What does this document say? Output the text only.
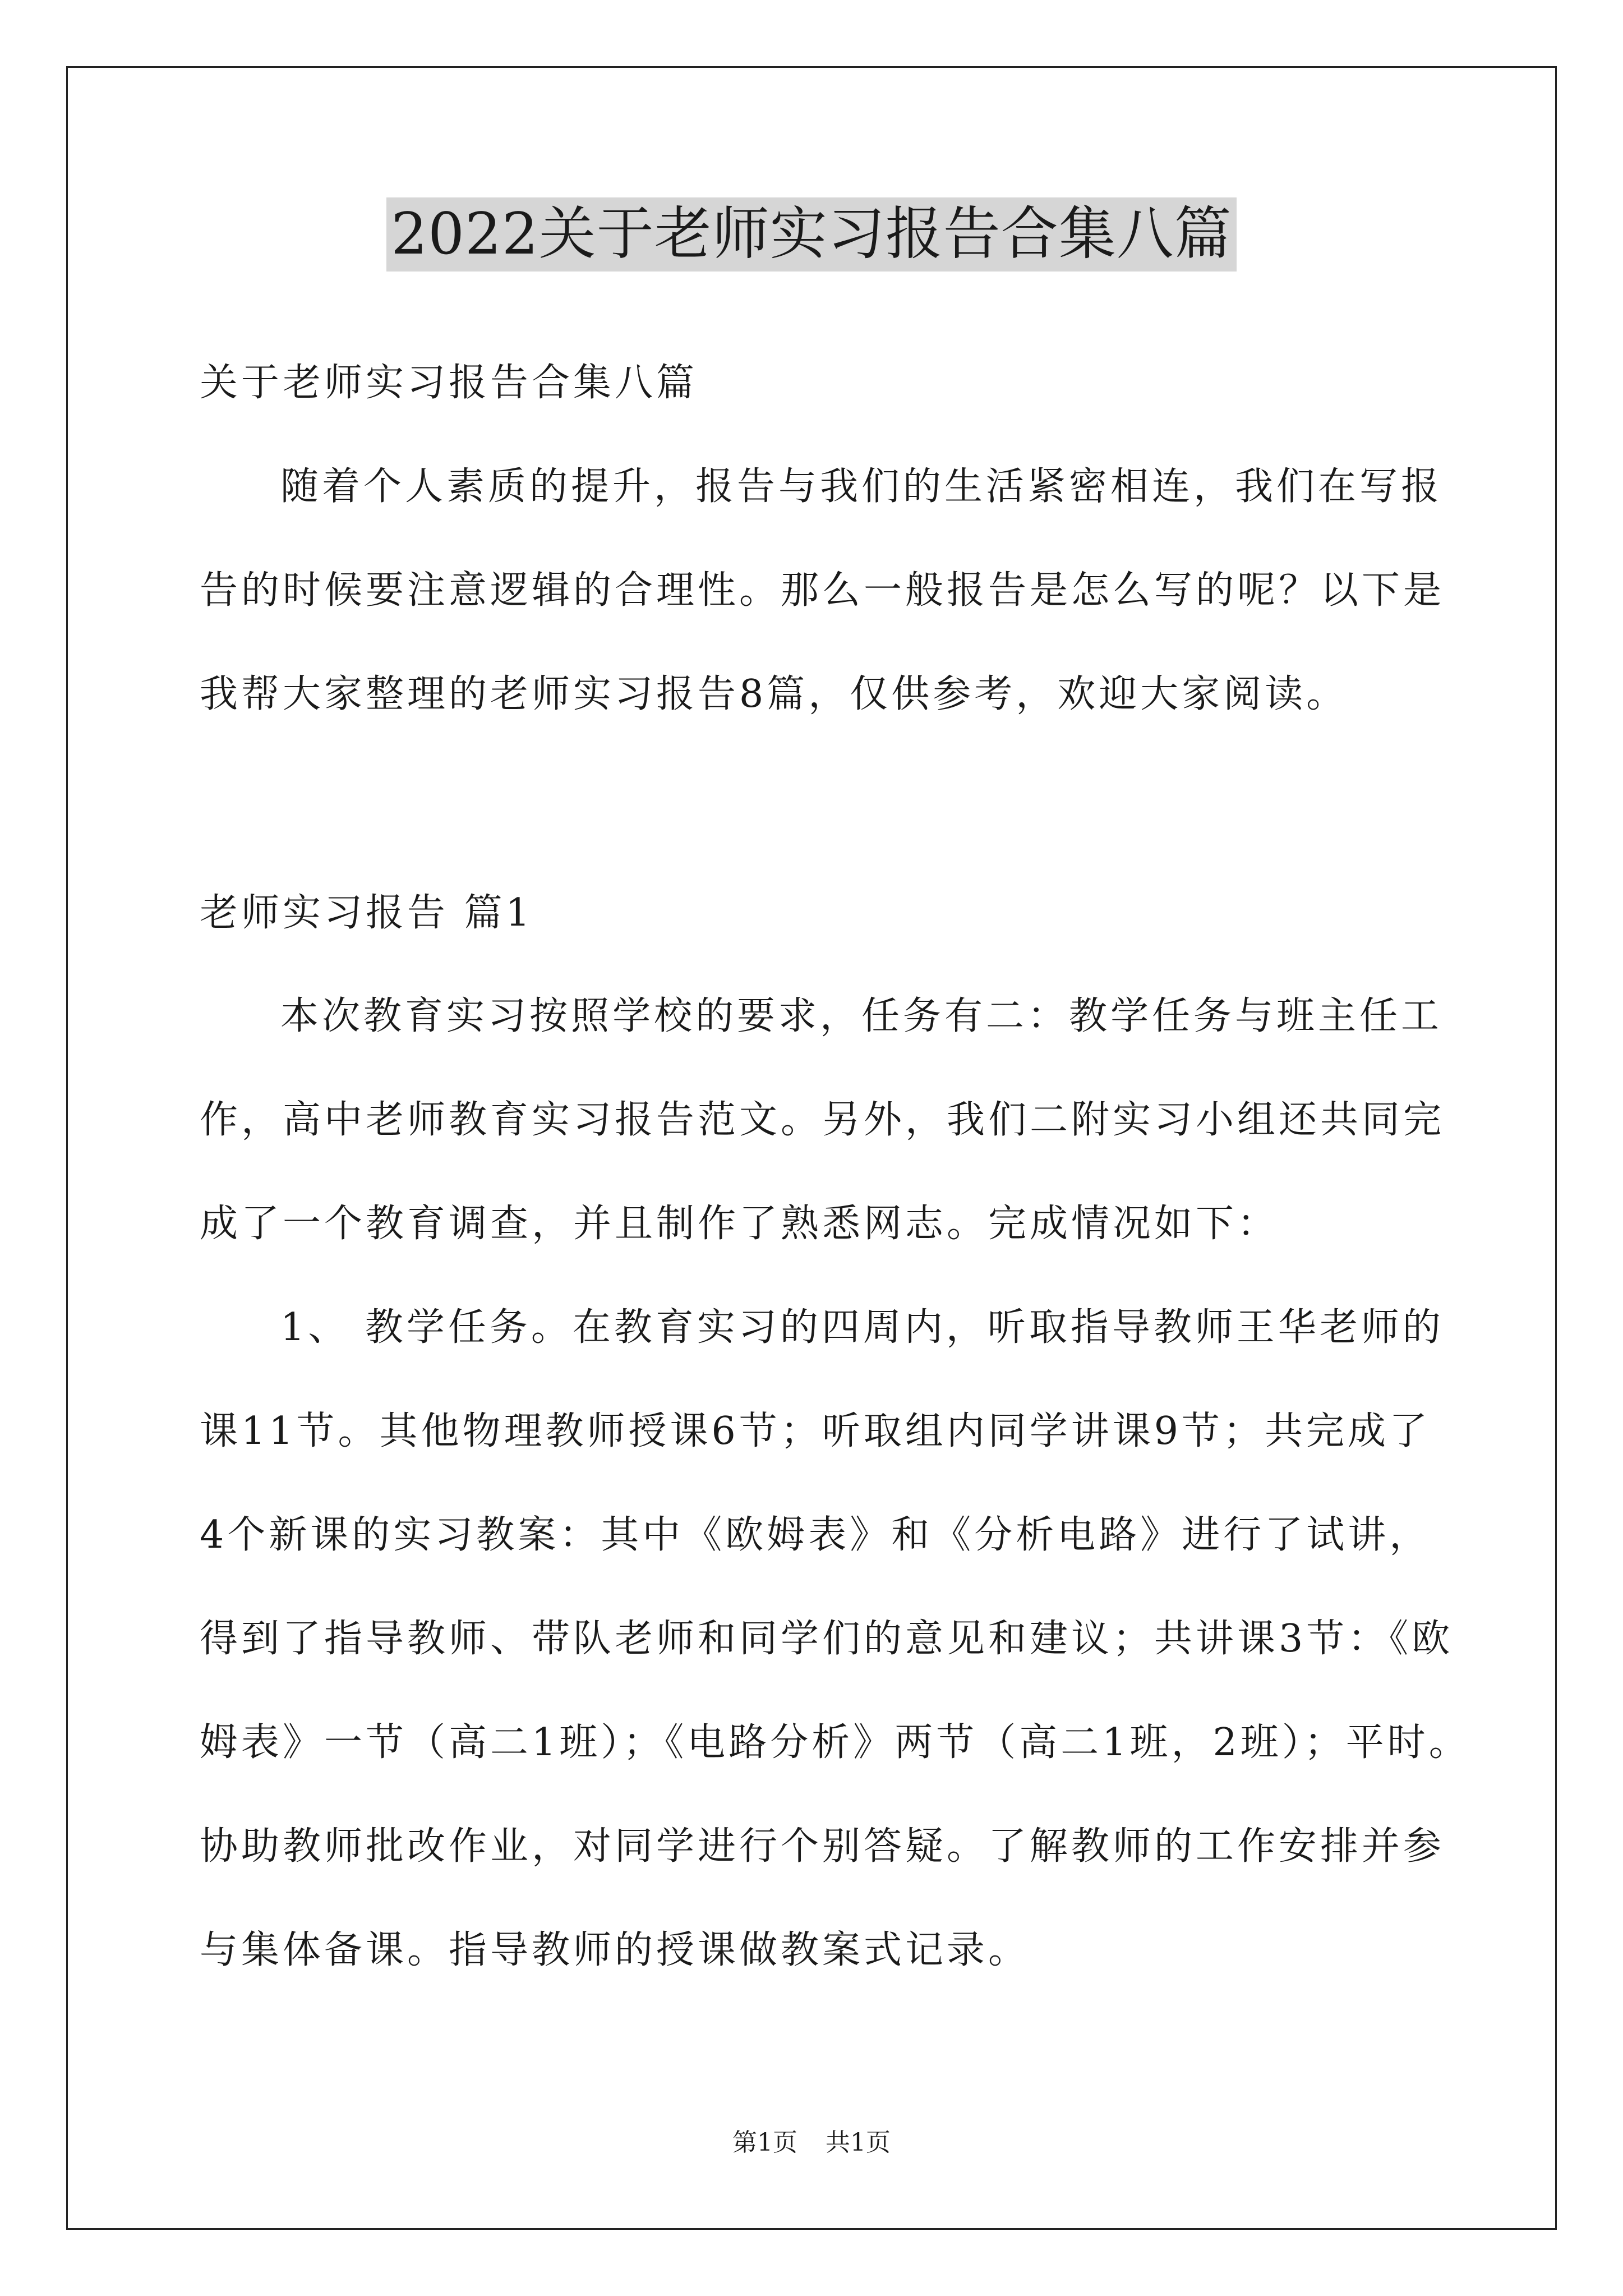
2022关于老师实习报告合集八篇
关于老师实习报告合集八篇
随着个人素质的提升，报告与我们的生活紧密相连，我们在写报
告的时候要注意逻辑的合理性。那么一般报告是怎么写的呢？以下是
我帮大家整理的老师实习报告8篇，仅供参考，欢迎大家阅读。
老师实习报告 篇1
本次教育实习按照学校的要求，任务有二：教学任务与班主任工
作，高中老师教育实习报告范文。另外，我们二附实习小组还共同完
成了一个教育调查，并且制作了熟悉网志。完成情况如下：
1、 教学任务。在教育实习的四周内，听取指导教师王华老师的
课11节。其他物理教师授课6节；听取组内同学讲课9节；共完成了
4个新课的实习教案：其中《欧姆表》和《分析电路》进行了试讲，
得到了指导教师、带队老师和同学们的意见和建议；共讲课3节：《欧
姆表》一节（高二1班）；《电路分析》两节（高二1班，2班）；平时。
协助教师批改作业，对同学进行个别答疑。了解教师的工作安排并参
与集体备课。指导教师的授课做教案式记录。
第1页 共1页
